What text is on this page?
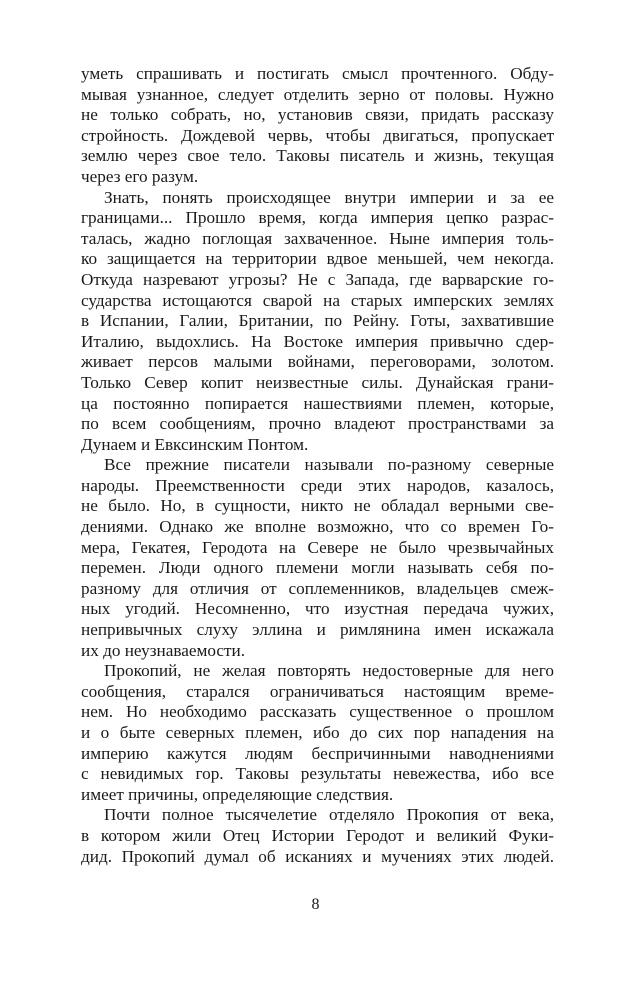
уметь спрашивать и постигать смысл прочтенного. Обду-
мывая узнанное, следует отделить зерно от половы. Нужно
не только собрать, но, установив связи, придать рассказу
стройность. Дождевой червь, чтобы двигаться, пропускает
землю через свое тело. Таковы писатель и жизнь, текущая
через его разум.
Знать, понять происходящее внутри империи и за ее
границами... Прошло время, когда империя цепко разрас-
талась, жадно поглощая захваченное. Ныне империя толь-
ко защищается на территории вдвое меньшей, чем некогда.
Откуда назревают угрозы? Не с Запада, где варварские го-
сударства истощаются сварой на старых имперских землях
в Испании, Галии, Британии, по Рейну. Готы, захватившие
Италию, выдохлись. На Востоке империя привычно сдер-
живает персов малыми войнами, переговорами, золотом.
Только Север копит неизвестные силы. Дунайская грани-
ца постоянно попирается нашествиями племен, которые,
по всем сообщениям, прочно владеют пространствами за
Дунаем и Евксинским Понтом.
Все прежние писатели называли по-разному северные
народы. Преемственности среди этих народов, казалось,
не было. Но, в сущности, никто не обладал верными све-
дениями. Однако же вполне возможно, что со времен Го-
мера, Гекатея, Геродота на Севере не было чрезвычайных
перемен. Люди одного племени могли называть себя по-
разному для отличия от соплеменников, владельцев смеж-
ных угодий. Несомненно, что изустная передача чужих,
непривычных слуху эллина и римлянина имен искажала
их до неузнаваемости.
Прокопий, не желая повторять недостоверные для него
сообщения, старался ограничиваться настоящим време-
нем. Но необходимо рассказать существенное о прошлом
и о быте северных племен, ибо до сих пор нападения на
империю кажутся людям беспричинными наводнениями
с невидимых гор. Таковы результаты невежества, ибо все
имеет причины, определяющие следствия.
Почти полное тысячелетие отделяло Прокопия от века,
в котором жили Отец Истории Геродот и великий Фуки-
дид. Прокопий думал об исканиях и мучениях этих людей.
8
